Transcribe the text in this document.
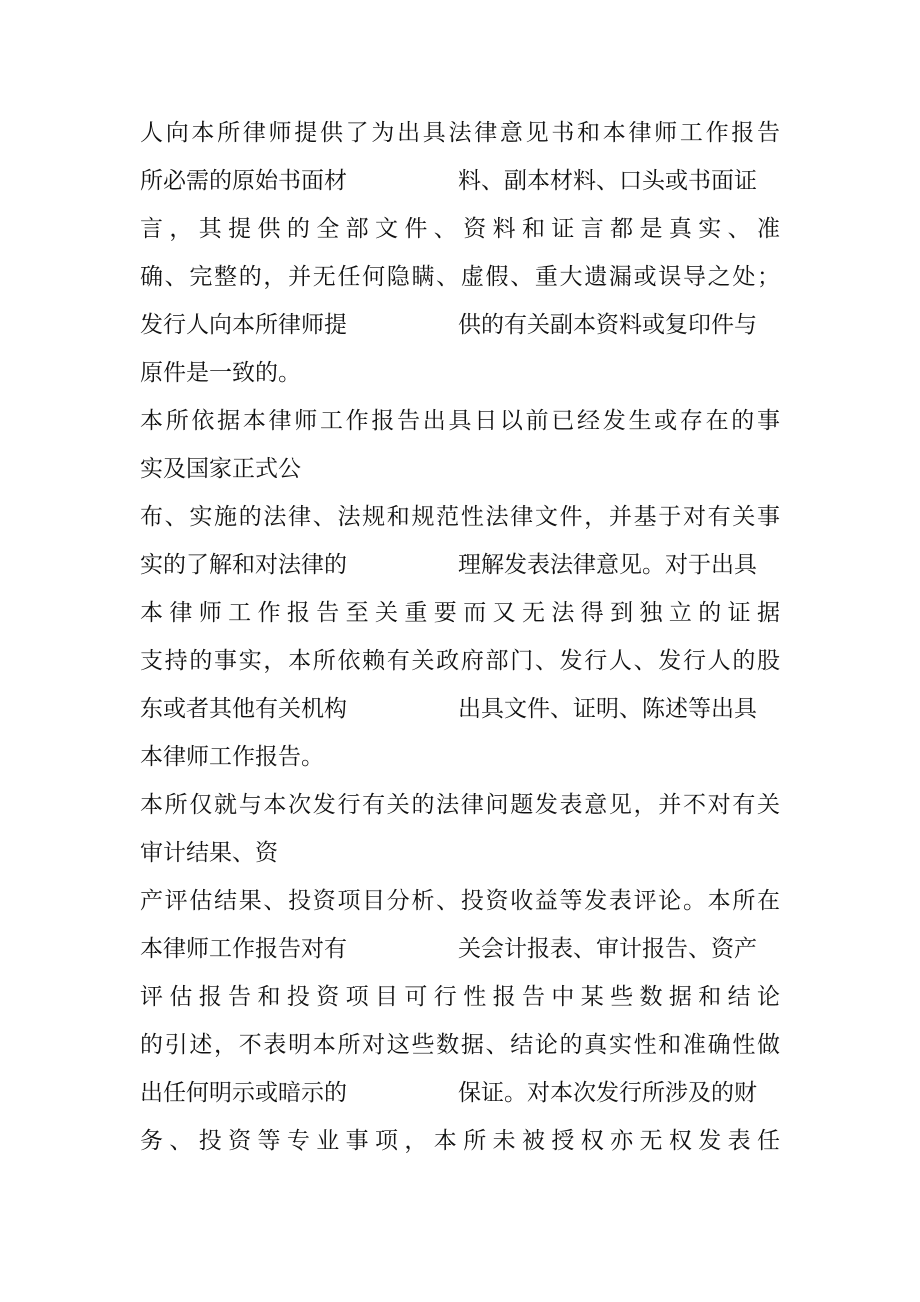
人向本所律师提供了为出具法律意见书和本律师工作报告
所必需的原始书面材	料、副本材料、口头或书面证
言，其提供的全部文件、资料和证言都是真实、准
确、完整的，并无任何隐瞒、虚假、重大遗漏或误导之处；
发行人向本所律师提	供的有关副本资料或复印件与
原件是一致的。
本所依据本律师工作报告出具日以前已经发生或存在的事
实及国家正式公
布、实施的法律、法规和规范性法律文件，并基于对有关事
实的了解和对法律的	理解发表法律意见。对于出具
本律师工作报告至关重要而又无法得到独立的证据
支持的事实，本所依赖有关政府部门、发行人、发行人的股
东或者其他有关机构	出具文件、证明、陈述等出具
本律师工作报告。
本所仅就与本次发行有关的法律问题发表意见，并不对有关
审计结果、资
产评估结果、投资项目分析、投资收益等发表评论。本所在
本律师工作报告对有	关会计报表、审计报告、资产
评估报告和投资项目可行性报告中某些数据和结论
的引述，不表明本所对这些数据、结论的真实性和准确性做
出任何明示或暗示的	保证。对本次发行所涉及的财
务、投资等专业事项，本所未被授权亦无权发表任
